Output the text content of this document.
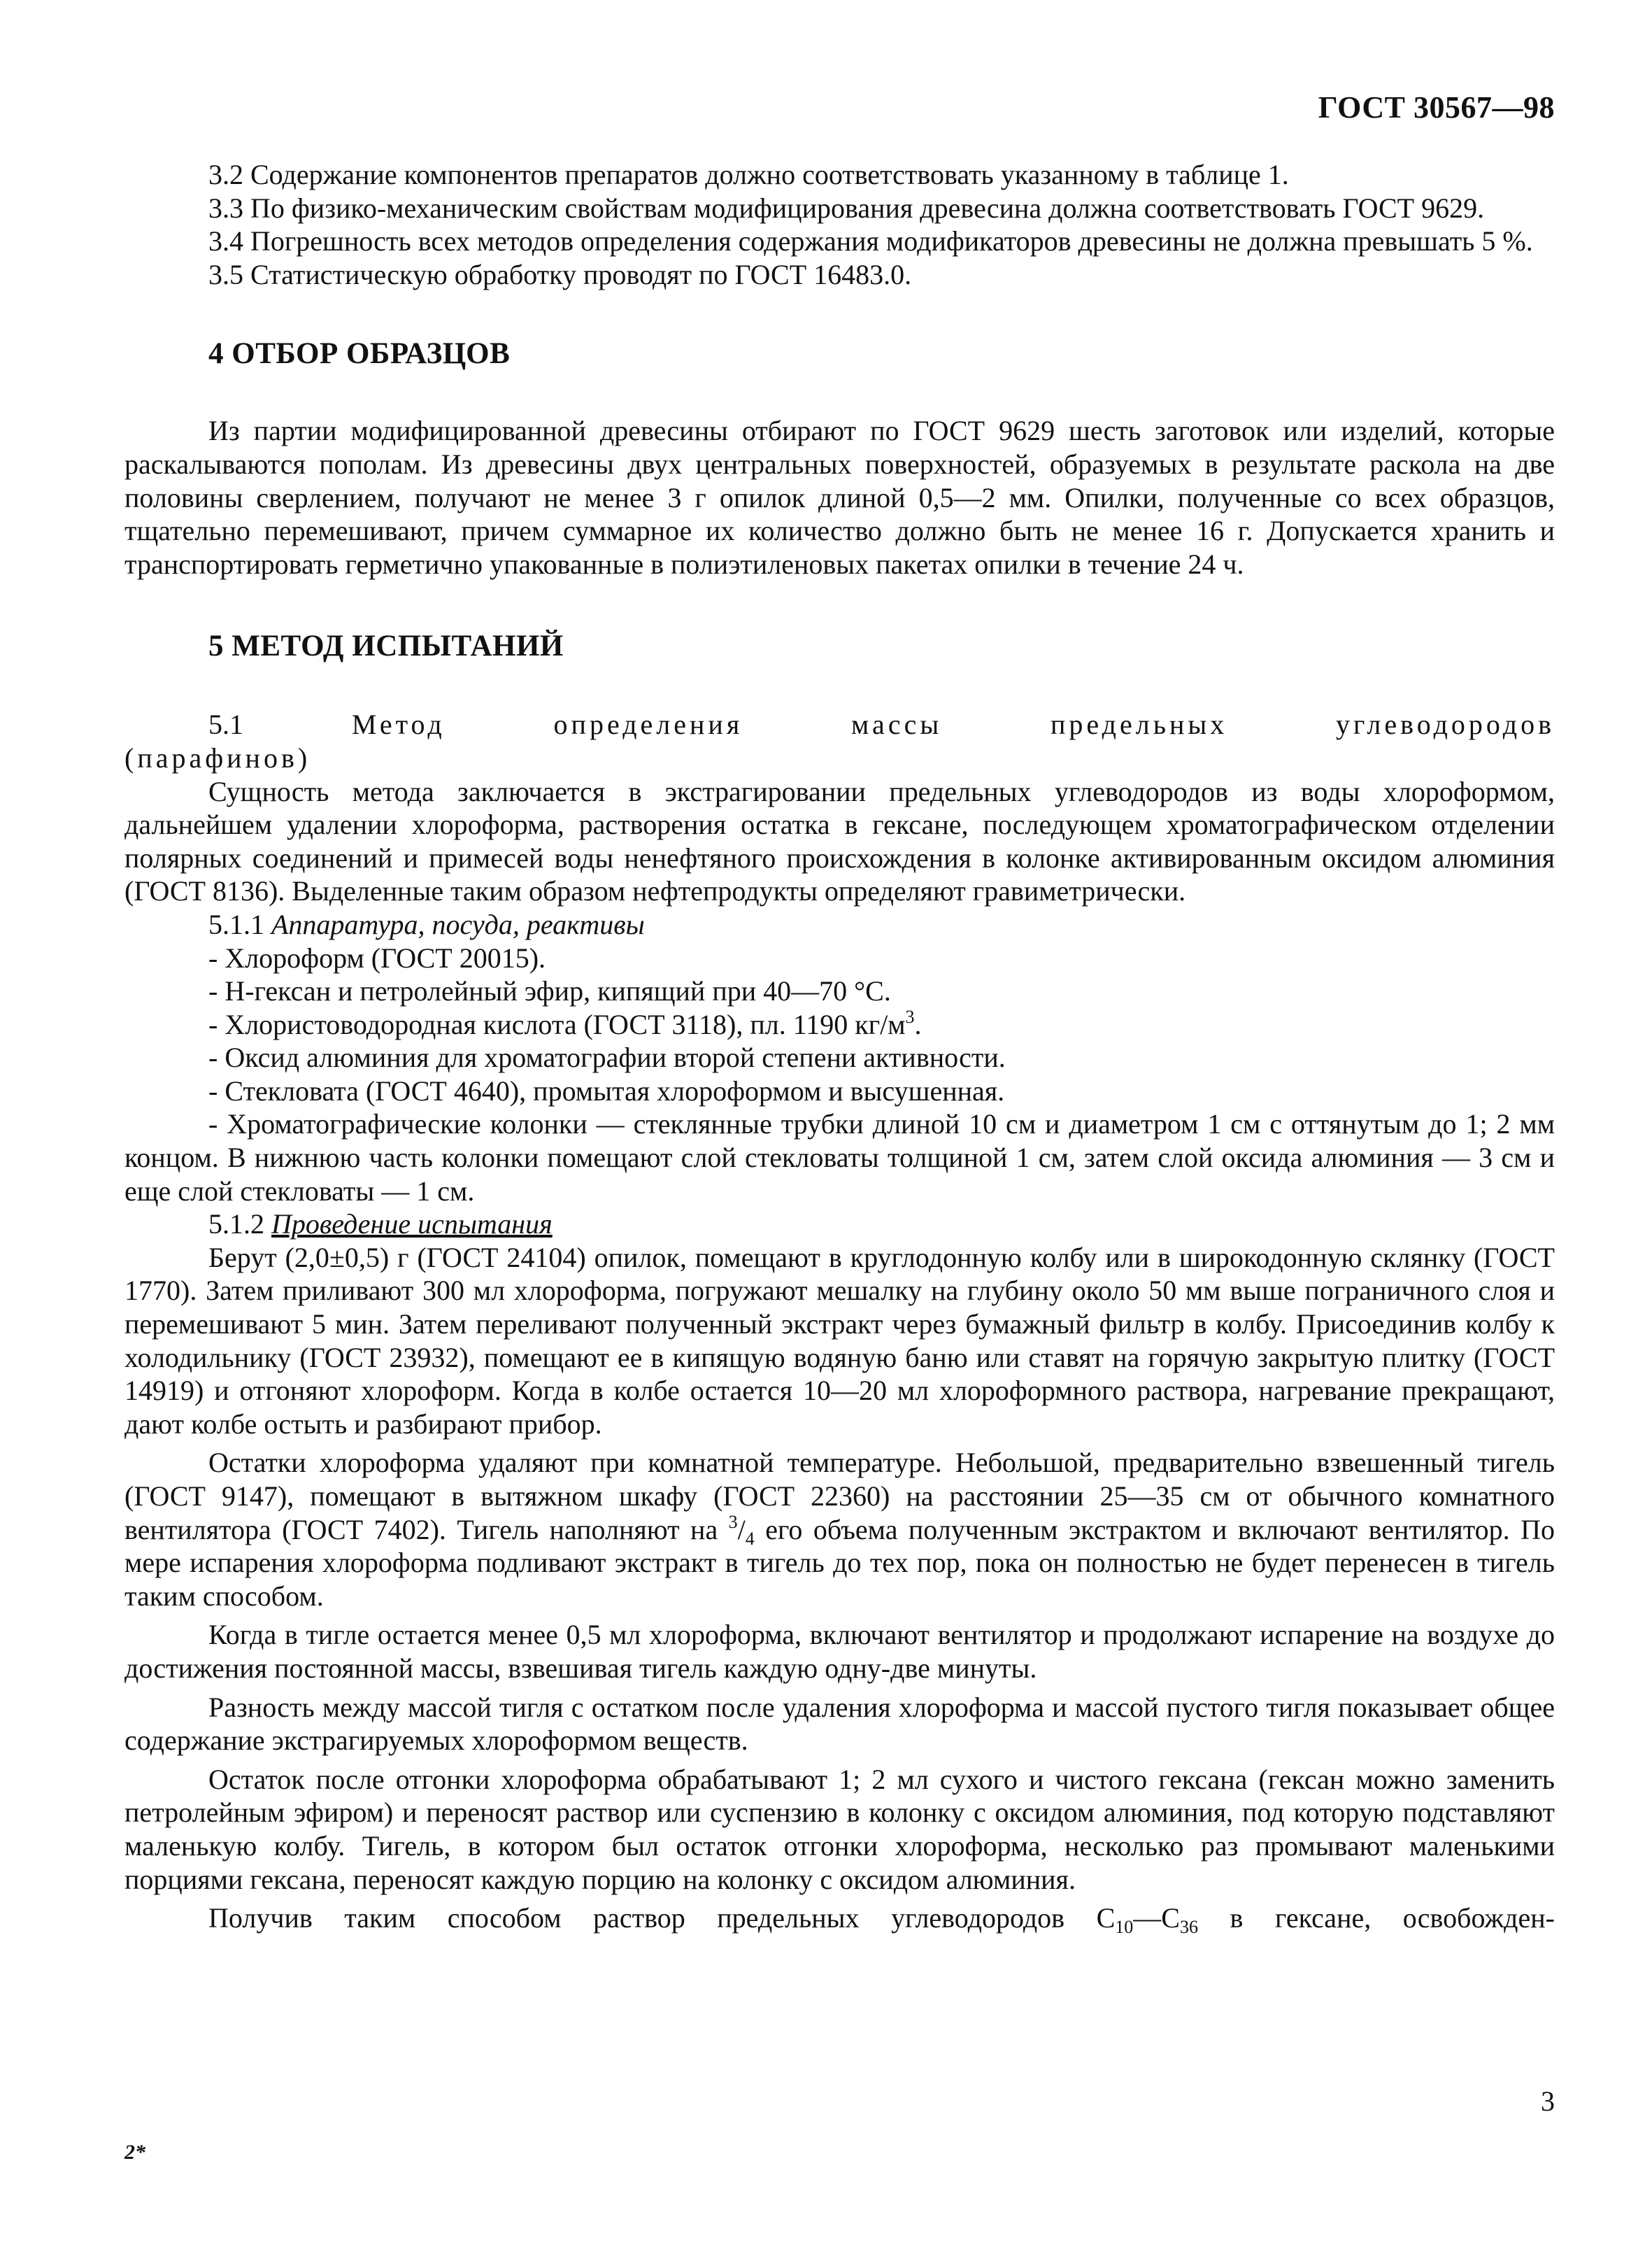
ГОСТ 30567—98

3.2 Содержание компонентов препаратов должно соответствовать указанному в таблице 1.

3.3 По физико-механическим свойствам модифицирования древесина должна соответствовать ГОСТ 9629.

3.4 Погрешность всех методов определения содержания модификаторов древесины не должна превышать 5 %.

3.5 Статистическую обработку проводят по ГОСТ 16483.0.

4 ОТБОР ОБРАЗЦОВ

Из партии модифицированной древесины отбирают по ГОСТ 9629 шесть заготовок или изделий, которые раскалываются пополам. Из древесины двух центральных поверхностей, образуемых в результате раскола на две половины сверлением, получают не менее 3 г опилок длиной 0,5—2 мм. Опилки, полученные со всех образцов, тщательно перемешивают, причем суммарное их количество должно быть не менее 16 г. Допускается хранить и транспортировать герметично упакованные в полиэтиленовых пакетах опилки в течение 24 ч.

5 МЕТОД ИСПЫТАНИЙ

5.1	Метод определения массы предельных углеводородов

(парафинов)

Сущность метода заключается в экстрагировании предельных углеводородов из воды хлороформом, дальнейшем удалении хлороформа, растворения остатка в гексане, последующем хроматографическом отделении полярных соединений и примесей воды ненефтяного происхождения в колонке активированным оксидом алюминия (ГОСТ 8136). Выделенные таким образом нефтепродукты определяют гравиметрически.

5.1.1 Аппаратура, посуда, реактивы

- Хлороформ (ГОСТ 20015).

- Н-гексан и петролейный эфир, кипящий при 40—70 °С.

- Хлористоводородная кислота (ГОСТ 3118), пл. 1190 $кг/м^3$.

- Оксид алюминия для хроматографии второй степени активности.

- Стекловата (ГОСТ 4640), промытая хлороформом и высушенная.

- Хроматографические колонки — стеклянные трубки длиной 10 см и диаметром 1 см с оттянутым до 1; 2 мм концом. В нижнюю часть колонки помещают слой стекловаты толщиной 1 см, затем слой оксида алюминия — 3 см и еще слой стекловаты — 1 см.

5.1.2 Проведение испытания

Берут (2,0±0,5) г (ГОСТ 24104) опилок, помещают в круглодонную колбу или в широкодонную склянку (ГОСТ 1770). Затем приливают 300 мл хлороформа, погружают мешалку на глубину около 50 мм выше пограничного слоя и перемешивают 5 мин. Затем переливают полученный экстракт через бумажный фильтр в колбу. Присоединив колбу к холодильнику (ГОСТ 23932), помещают ее в кипящую водяную баню или ставят на горячую закрытую плитку (ГОСТ 14919) и отгоняют хлороформ. Когда в колбе остается 10—20 мл хлороформного раствора, нагревание прекращают, дают колбе остыть и разбирают прибор.

Остатки хлороформа удаляют при комнатной температуре. Небольшой, предварительно взвешенный тигель (ГОСТ 9147), помещают в вытяжном шкафу (ГОСТ 22360) на расстоянии 25—35 см от обычного комнатного вентилятора (ГОСТ 7402). Тигель наполняют на $^3/_4$ его объема полученным экстрактом и включают вентилятор. По мере испарения хлороформа подливают экстракт в тигель до тех пор, пока он полностью не будет перенесен в тигель таким способом.

Когда в тигле остается менее 0,5 мл хлороформа, включают вентилятор и продолжают испарение на воздухе до достижения постоянной массы, взвешивая тигель каждую одну-две минуты.

Разность между массой тигля с остатком после удаления хлороформа и массой пустого тигля показывает общее содержание экстрагируемых хлороформом веществ.

Остаток после отгонки хлороформа обрабатывают 1; 2 мл сухого и чистого гексана (гексан можно заменить петролейным эфиром) и переносят раствор или суспензию в колонку с оксидом алюминия, под которую подставляют маленькую колбу. Тигель, в котором был остаток отгонки хлороформа, несколько раз промывают маленькими порциями гексана, переносят каждую порцию на колонку с оксидом алюминия.

Получив таким способом раствор предельных углеводородов $С_{10}—С_{36}$ в гексане, освобожден-

3
2*
